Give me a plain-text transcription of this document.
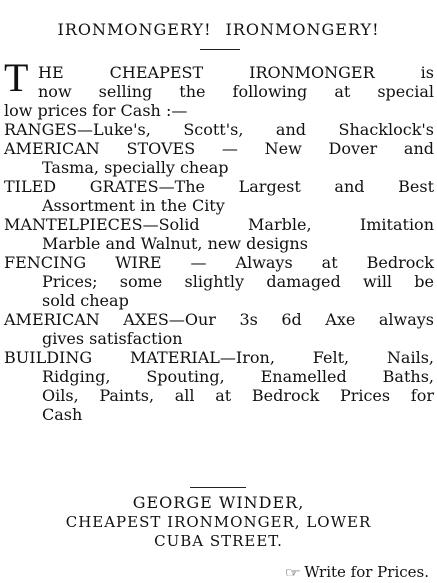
IRONMONGERY! IRONMONGERY!
T HE CHEAPEST IRONMONGER is
now selling the following at special
low prices for Cash :—
RANGES—Luke's, Scott's, and Shacklock's
AMERICAN STOVES — New Dover and
Tasma, specially cheap
TILED GRATES—The Largest and Best
Assortment in the City
MANTELPIECES—Solid Marble, Imitation
Marble and Walnut, new designs
FENCING WIRE — Always at Bedrock
Prices; some slightly damaged will be
sold cheap
AMERICAN AXES—Our 3s 6d Axe always
gives satisfaction
BUILDING MATERIAL—Iron, Felt, Nails,
Ridging, Spouting, Enamelled Baths,
Oils, Paints, all at Bedrock Prices for
Cash
GEORGE WINDER,
CHEAPEST IRONMONGER, LOWER
CUBA STREET.
☞ Write for Prices.
